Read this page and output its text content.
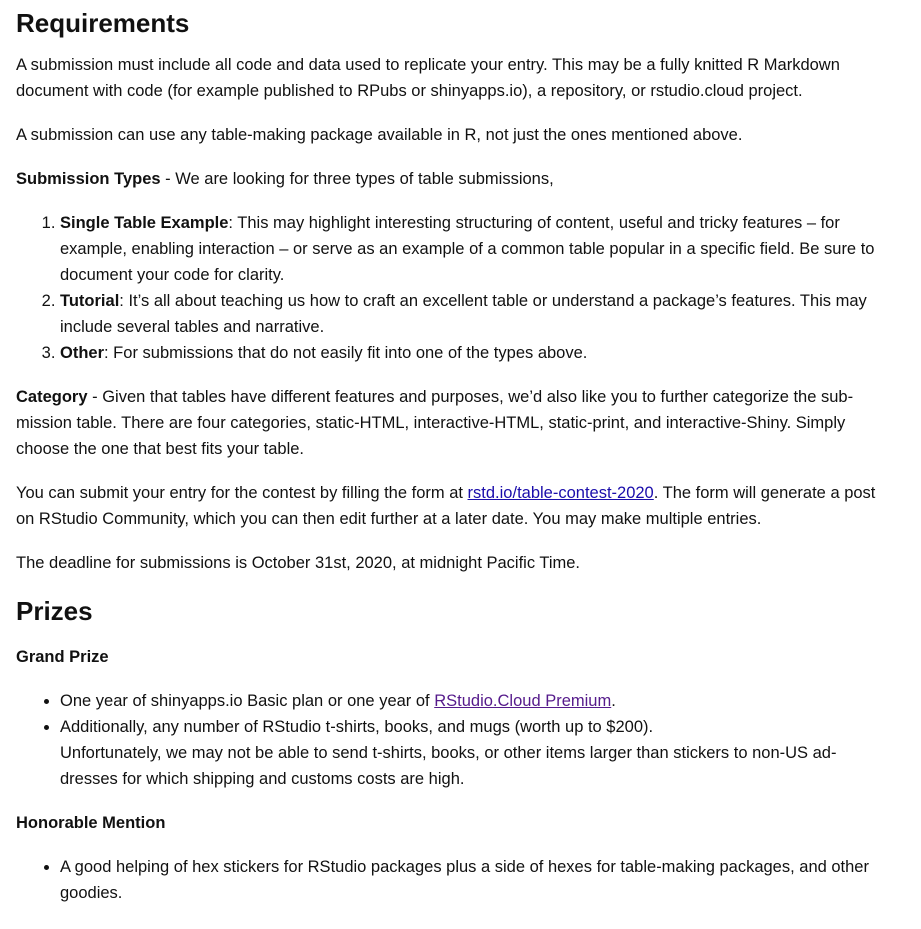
Requirements

A submission must include all code and data used to replicate your entry. This may be a fully knitted R Markdown document with code (for example published to RPubs or shinyapps.io), a repository, or rstudio.cloud project.

A submission can use any table-making package available in R, not just the ones mentioned above.

Submission Types - We are looking for three types of table submissions,

1. Single Table Example: This may highlight interesting structuring of content, useful and tricky features – for example, enabling interaction – or serve as an example of a common table popular in a specific field. Be sure to document your code for clarity.
2. Tutorial: It’s all about teaching us how to craft an excellent table or understand a package’s features. This may include several tables and narrative.
3. Other: For submissions that do not easily fit into one of the types above.

Category - Given that tables have different features and purposes, we’d also like you to further categorize the submission table. There are four categories, static-HTML, interactive-HTML, static-print, and interactive-Shiny. Simply choose the one that best fits your table.

You can submit your entry for the contest by filling the form at rstd.io/table-contest-2020. The form will generate a post on RStudio Community, which you can then edit further at a later date. You may make multiple entries.

The deadline for submissions is October 31st, 2020, at midnight Pacific Time.

Prizes
Grand Prize
• One year of shinyapps.io Basic plan or one year of RStudio.Cloud Premium.
• Additionally, any number of RStudio t-shirts, books, and mugs (worth up to $200).
Unfortunately, we may not be able to send t-shirts, books, or other items larger than stickers to non-US addresses for which shipping and customs costs are high.
Honorable Mention
• A good helping of hex stickers for RStudio packages plus a side of hexes for table-making packages, and other goodies.
